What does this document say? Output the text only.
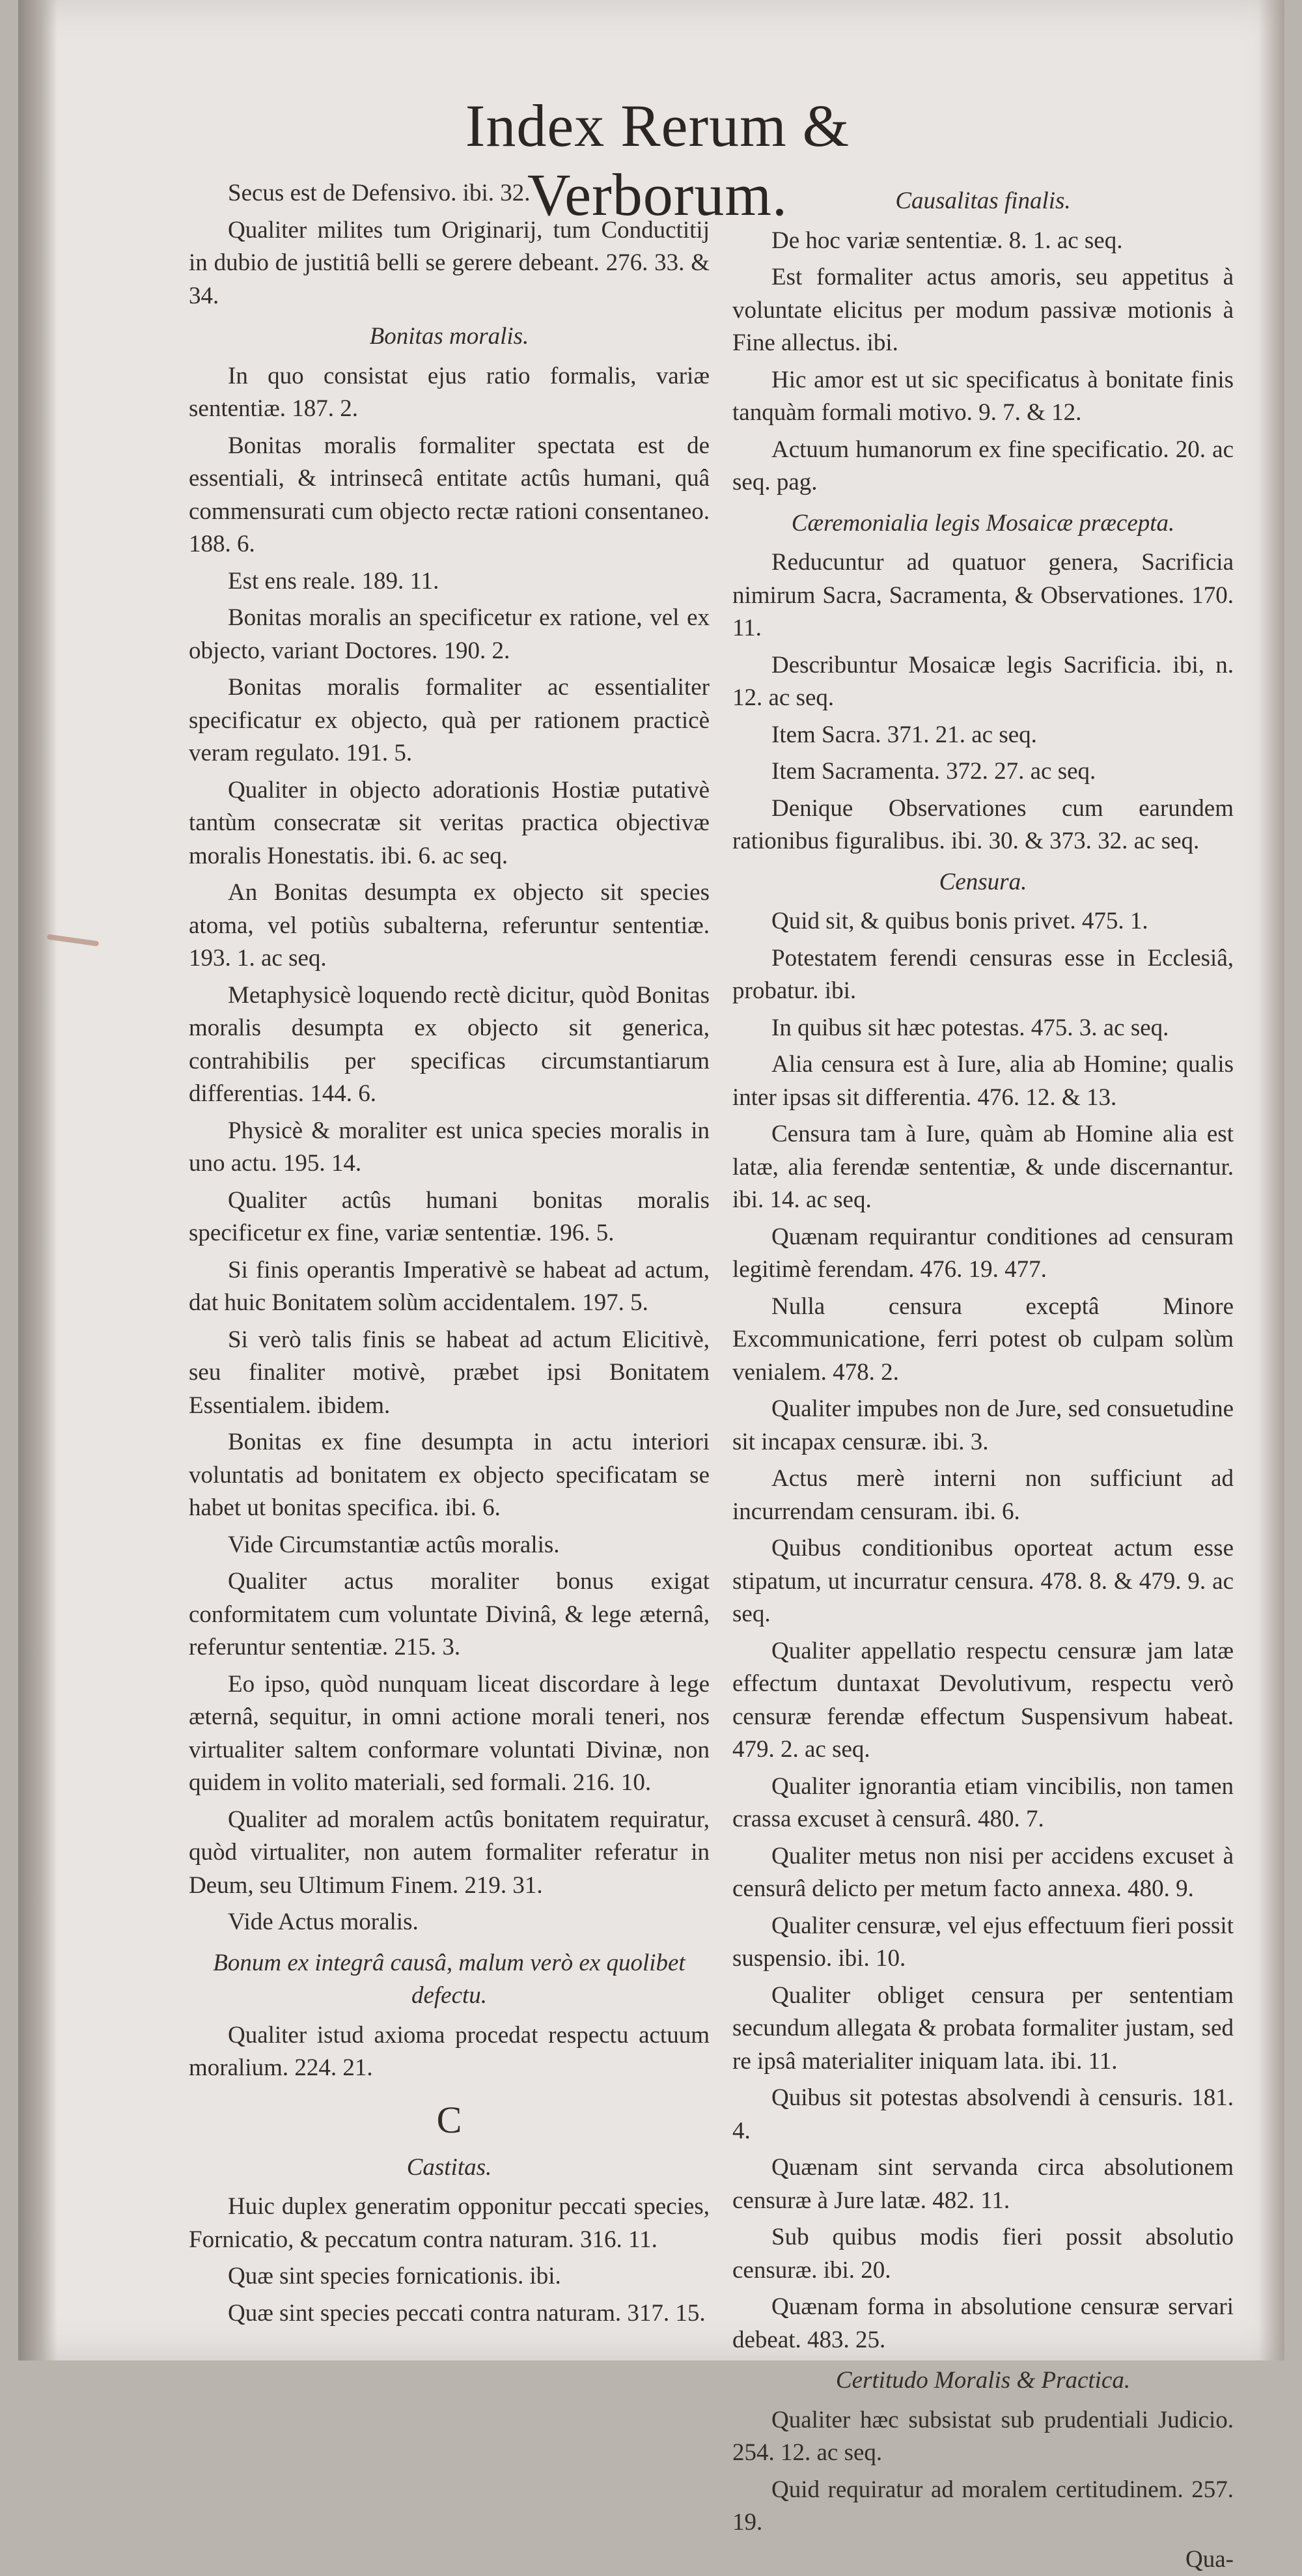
Index Rerum & Verborum.

Secus est de Defensivo. ibi. 32.

Qualiter milites tum Originarij, tum Conductitij in dubio de justitiâ belli se gerere debeant. 276. 33. & 34.

Bonitas moralis.

In quo consistat ejus ratio formalis, variæ sententiæ. 187. 2.

Bonitas moralis formaliter spectata est de essentiali, & intrinsecâ entitate actûs humani, quâ commensurati cum objecto rectæ rationi consentaneo. 188. 6.

Est ens reale. 189. 11.

Bonitas moralis an specificetur ex ratione, vel ex objecto, variant Doctores. 190. 2.

Bonitas moralis formaliter ac essentialiter specificatur ex objecto, quà per rationem practicè veram regulato. 191. 5.

Qualiter in objecto adorationis Hostiæ putativè tantùm consecratæ sit veritas practica objectivæ moralis Honestatis. ibi. 6. ac seq.

An Bonitas desumpta ex objecto sit species atoma, vel potiùs subalterna, referuntur sententiæ. 193. 1. ac seq.

Metaphysicè loquendo rectè dicitur, quòd Bonitas moralis desumpta ex objecto sit generica, contrahibilis per specificas circumstantiarum differentias. 144. 6.

Physicè & moraliter est unica species moralis in uno actu. 195. 14.

Qualiter actûs humani bonitas moralis specificetur ex fine, variæ sententiæ. 196. 5.

Si finis operantis Imperativè se habeat ad actum, dat huic Bonitatem solùm accidentalem. 197. 5.

Si verò talis finis se habeat ad actum Elicitivè, seu finaliter motivè, præbet ipsi Bonitatem Essentialem. ibidem.

Bonitas ex fine desumpta in actu interiori voluntatis ad bonitatem ex objecto specificatam se habet ut bonitas specifica. ibi. 6.

Vide Circumstantiæ actûs moralis.

Qualiter actus moraliter bonus exigat conformitatem cum voluntate Divinâ, & lege æternâ, referuntur sententiæ. 215. 3.

Eo ipso, quòd nunquam liceat discordare à lege æternâ, sequitur, in omni actione morali teneri, nos virtualiter saltem conformare voluntati Divinæ, non quidem in volito materiali, sed formali. 216. 10.

Qualiter ad moralem actûs bonitatem requiratur, quòd virtualiter, non autem formaliter referatur in Deum, seu Ultimum Finem. 219. 31.

Vide Actus moralis.

Bonum ex integrâ causâ, malum verò ex quolibet defectu.

Qualiter istud axioma procedat respectu actuum moralium. 224. 21.

C

Castitas.

Huic duplex generatim opponitur peccati species, Fornicatio, & peccatum contra naturam. 316. 11.

Quæ sint species fornicationis. ibi.

Quæ sint species peccati contra naturam. 317. 15.

Causalitas finalis.

De hoc variæ sententiæ. 8. 1. ac seq.

Est formaliter actus amoris, seu appetitus à voluntate elicitus per modum passivæ motionis à Fine allectus. ibi.

Hic amor est ut sic specificatus à bonitate finis tanquàm formali motivo. 9. 7. & 12.

Actuum humanorum ex fine specificatio. 20. ac seq. pag.

Cæremonialia legis Mosaicæ præcepta.

Reducuntur ad quatuor genera, Sacrificia nimirum Sacra, Sacramenta, & Observationes. 170. 11.

Describuntur Mosaicæ legis Sacrificia. ibi, n. 12. ac seq.

Item Sacra. 371. 21. ac seq.

Item Sacramenta. 372. 27. ac seq.

Denique Observationes cum earundem rationibus figuralibus. ibi. 30. & 373. 32. ac seq.

Censura.

Quid sit, & quibus bonis privet. 475. 1.

Potestatem ferendi censuras esse in Ecclesiâ, probatur. ibi.

In quibus sit hæc potestas. 475. 3. ac seq.

Alia censura est à Iure, alia ab Homine; qualis inter ipsas sit differentia. 476. 12. & 13.

Censura tam à Iure, quàm ab Homine alia est latæ, alia ferendæ sententiæ, & unde discernantur. ibi. 14. ac seq.

Quænam requirantur conditiones ad censuram legitimè ferendam. 476. 19. 477.

Nulla censura exceptâ Minore Excommunicatione, ferri potest ob culpam solùm venialem. 478. 2.

Qualiter impubes non de Jure, sed consuetudine sit incapax censuræ. ibi. 3.

Actus merè interni non sufficiunt ad incurrendam censuram. ibi. 6.

Quibus conditionibus oporteat actum esse stipatum, ut incurratur censura. 478. 8. & 479. 9. ac seq.

Qualiter appellatio respectu censuræ jam latæ effectum duntaxat Devolutivum, respectu verò censuræ ferendæ effectum Suspensivum habeat. 479. 2. ac seq.

Qualiter ignorantia etiam vincibilis, non tamen crassa excuset à censurâ. 480. 7.

Qualiter metus non nisi per accidens excuset à censurâ delicto per metum facto annexa. 480. 9.

Qualiter censuræ, vel ejus effectuum fieri possit suspensio. ibi. 10.

Qualiter obliget censura per sententiam secundum allegata & probata formaliter justam, sed re ipsâ materialiter iniquam lata. ibi. 11.

Quibus sit potestas absolvendi à censuris. 181. 4.

Quænam sint servanda circa absolutionem censuræ à Jure latæ. 482. 11.

Sub quibus modis fieri possit absolutio censuræ. ibi. 20.

Quænam forma in absolutione censuræ servari debeat. 483. 25.

Certitudo Moralis & Practica.

Qualiter hæc subsistat sub prudentiali Judicio. 254. 12. ac seq.

Quid requiratur ad moralem certitudinem. 257. 19.

Qua-
